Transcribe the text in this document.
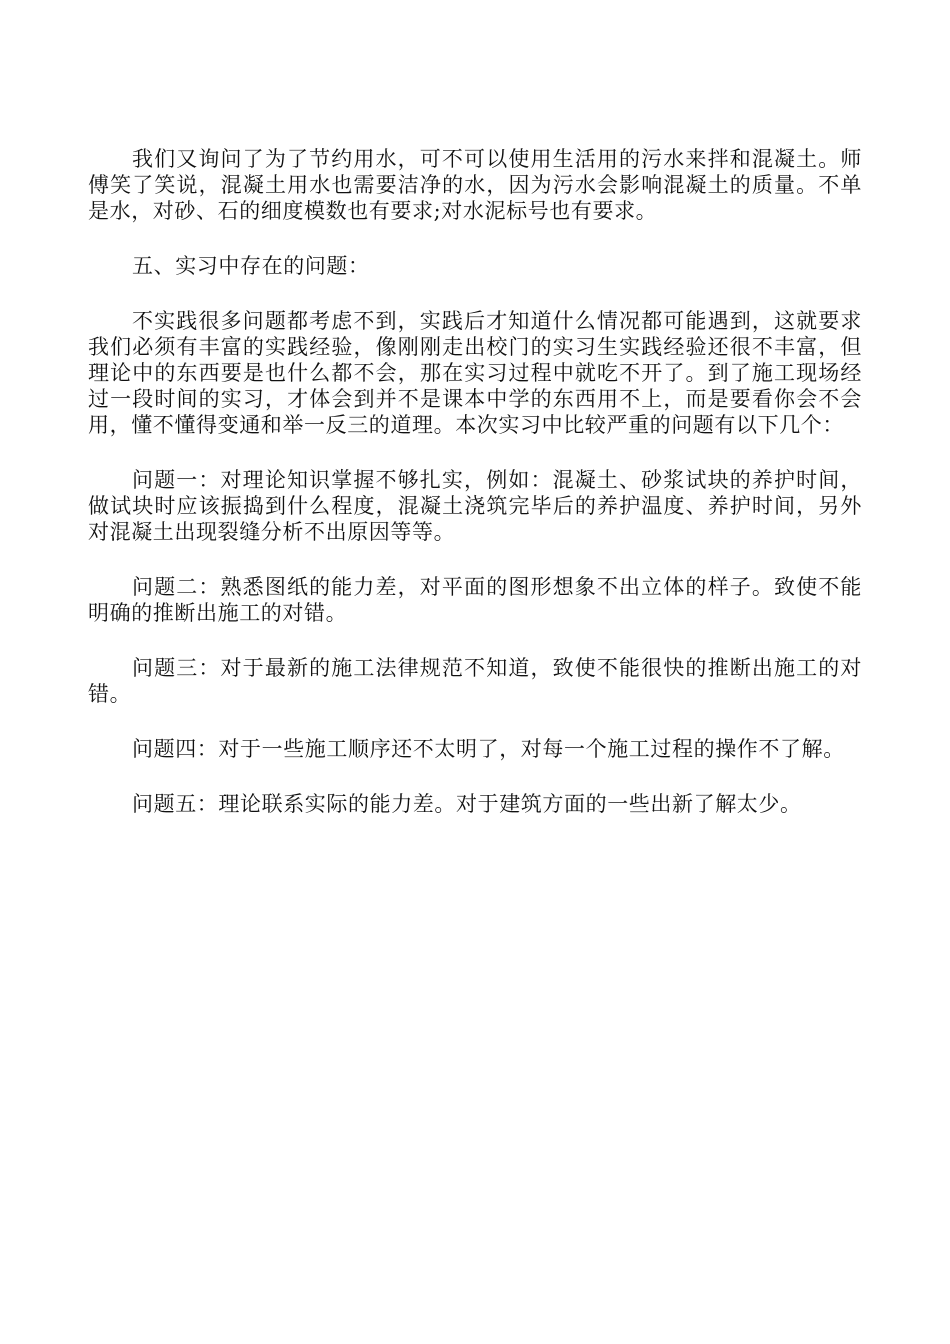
我们又询问了为了节约用水，可不可以使用生活用的污水来拌和混凝土。师傅笑了笑说，混凝土用水也需要洁净的水，因为污水会影响混凝土的质量。不单是水，对砂、石的细度模数也有要求;对水泥标号也有要求。

五、实习中存在的问题：

不实践很多问题都考虑不到，实践后才知道什么情况都可能遇到，这就要求我们必须有丰富的实践经验，像刚刚走出校门的实习生实践经验还很不丰富，但理论中的东西要是也什么都不会，那在实习过程中就吃不开了。到了施工现场经过一段时间的实习，才体会到并不是课本中学的东西用不上，而是要看你会不会用，懂不懂得变通和举一反三的道理。本次实习中比较严重的问题有以下几个：

问题一：对理论知识掌握不够扎实，例如：混凝土、砂浆试块的养护时间，做试块时应该振捣到什么程度，混凝土浇筑完毕后的养护温度、养护时间，另外对混凝土出现裂缝分析不出原因等等。

问题二：熟悉图纸的能力差，对平面的图形想象不出立体的样子。致使不能明确的推断出施工的对错。

问题三：对于最新的施工法律规范不知道，致使不能很快的推断出施工的对错。

问题四：对于一些施工顺序还不太明了，对每一个施工过程的操作不了解。

问题五：理论联系实际的能力差。对于建筑方面的一些出新了解太少。
